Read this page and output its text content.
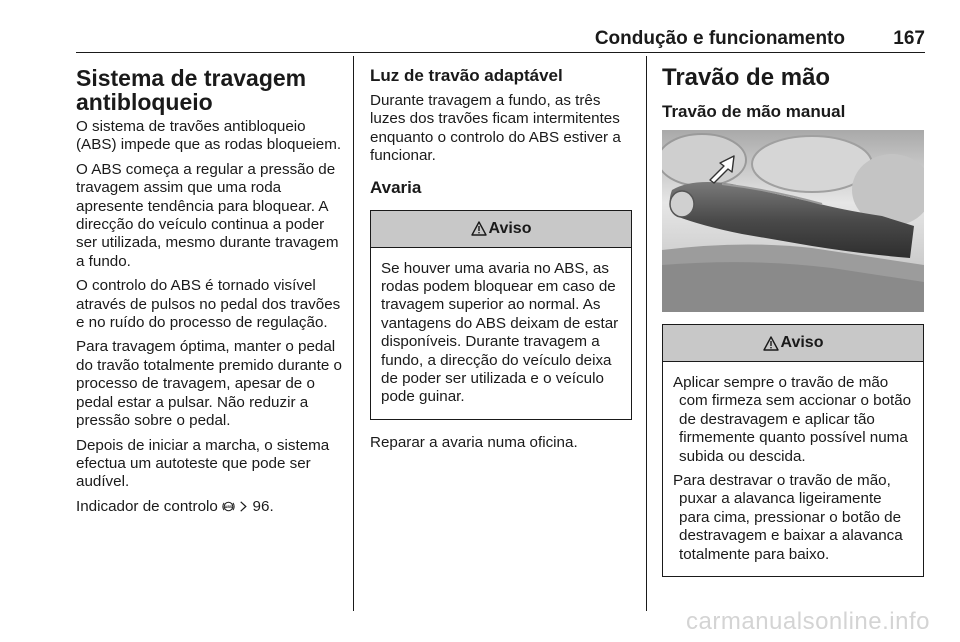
Condução e funcionamento	167
Sistema de travagem antibloqueio

O sistema de travões antibloqueio (ABS) impede que as rodas bloqueiem.

O ABS começa a regular a pressão de travagem assim que uma roda apresente tendência para bloquear. A direcção do veículo continua a poder ser utilizada, mesmo durante travagem a fundo.

O controlo do ABS é tornado visível através de pulsos no pedal dos travões e no ruído do processo de regulação.

Para travagem óptima, manter o pedal do travão totalmente premido durante o processo de travagem, apesar de o pedal estar a pulsar. Não reduzir a pressão sobre o pedal.

Depois de iniciar a marcha, o sistema efectua um autoteste que pode ser audível.

Indicador de controlo ABS 96.

Luz de travão adaptável

Durante travagem a fundo, as três luzes dos travões ficam intermitentes enquanto o controlo do ABS estiver a funcionar.

Avaria
Aviso

Se houver uma avaria no ABS, as rodas podem bloquear em caso de travagem superior ao normal. As vantagens do ABS deixam de estar disponíveis. Durante travagem a fundo, a direcção do veículo deixa de poder ser utilizada e o veículo pode guinar.

Reparar a avaria numa oficina.

Travão de mão
Travão de mão manual
Aviso

Aplicar sempre o travão de mão com firmeza sem accionar o botão de destravagem e aplicar tão firmemente quanto possível numa subida ou descida.

Para destravar o travão de mão, puxar a alavanca ligeiramente para cima, pressionar o botão de destravagem e baixar a alavanca totalmente para baixo.

carmanualsonline.info
